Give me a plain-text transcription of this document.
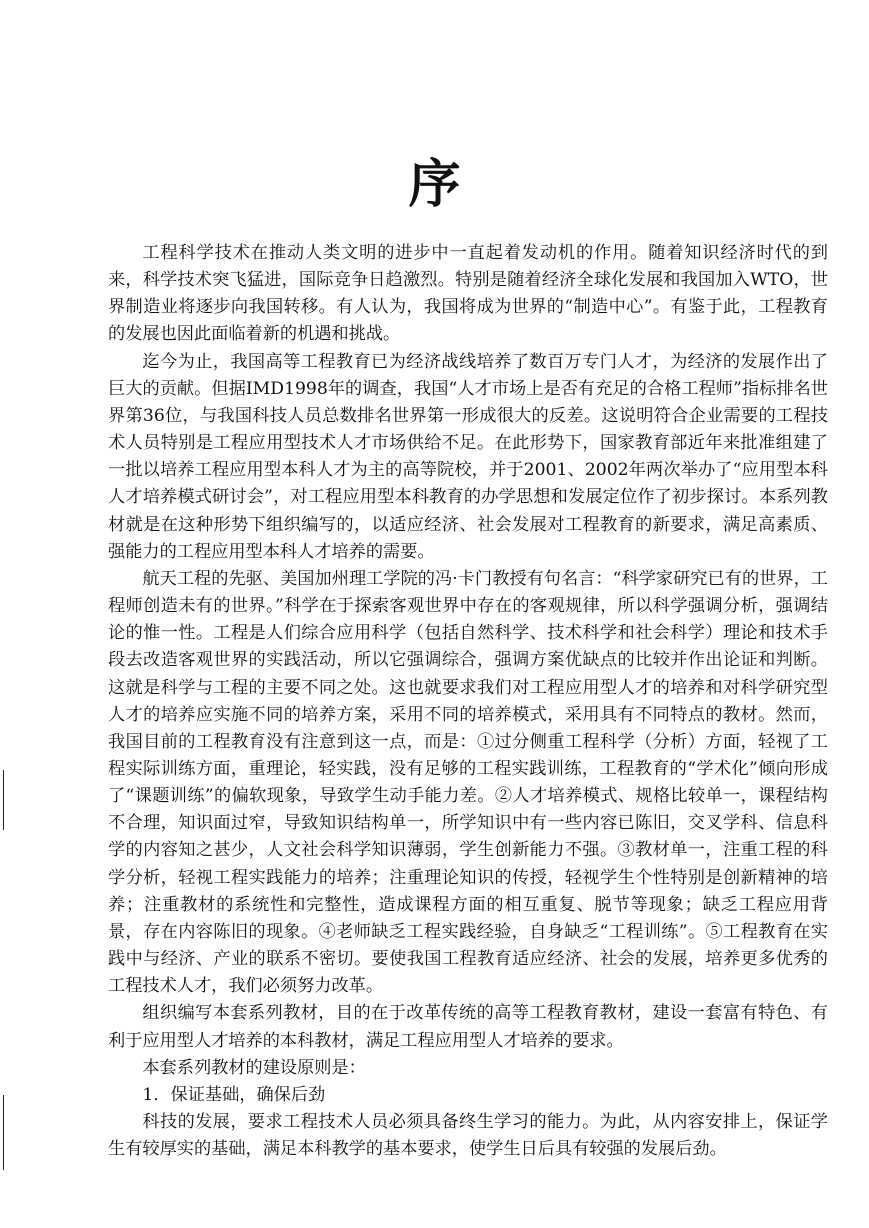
序

工程科学技术在推动人类文明的进步中一直起着发动机的作用。随着知识经济时代的到来，科学技术突飞猛进，国际竞争日趋激烈。特别是随着经济全球化发展和我国加入WTO，世界制造业将逐步向我国转移。有人认为，我国将成为世界的“制造中心”。有鉴于此，工程教育的发展也因此面临着新的机遇和挑战。

迄今为止，我国高等工程教育已为经济战线培养了数百万专门人才，为经济的发展作出了巨大的贡献。但据IMD1998年的调查，我国“人才市场上是否有充足的合格工程师”指标排名世界第36位，与我国科技人员总数排名世界第一形成很大的反差。这说明符合企业需要的工程技术人员特别是工程应用型技术人才市场供给不足。在此形势下，国家教育部近年来批准组建了一批以培养工程应用型本科人才为主的高等院校，并于2001、2002年两次举办了“应用型本科人才培养模式研讨会”，对工程应用型本科教育的办学思想和发展定位作了初步探讨。本系列教材就是在这种形势下组织编写的，以适应经济、社会发展对工程教育的新要求，满足高素质、强能力的工程应用型本科人才培养的需要。

航天工程的先驱、美国加州理工学院的冯·卡门教授有句名言：“科学家研究已有的世界，工程师创造未有的世界。”科学在于探索客观世界中存在的客观规律，所以科学强调分析，强调结论的惟一性。工程是人们综合应用科学（包括自然科学、技术科学和社会科学）理论和技术手段去改造客观世界的实践活动，所以它强调综合，强调方案优缺点的比较并作出论证和判断。这就是科学与工程的主要不同之处。这也就要求我们对工程应用型人才的培养和对科学研究型人才的培养应实施不同的培养方案，采用不同的培养模式，采用具有不同特点的教材。然而，我国目前的工程教育没有注意到这一点，而是：①过分侧重工程科学（分析）方面，轻视了工程实际训练方面，重理论，轻实践，没有足够的工程实践训练，工程教育的“学术化”倾向形成了“课题训练”的偏软现象，导致学生动手能力差。②人才培养模式、规格比较单一，课程结构不合理，知识面过窄，导致知识结构单一，所学知识中有一些内容已陈旧，交叉学科、信息科学的内容知之甚少，人文社会科学知识薄弱，学生创新能力不强。③教材单一，注重工程的科学分析，轻视工程实践能力的培养；注重理论知识的传授，轻视学生个性特别是创新精神的培养；注重教材的系统性和完整性，造成课程方面的相互重复、脱节等现象；缺乏工程应用背景，存在内容陈旧的现象。④老师缺乏工程实践经验，自身缺乏“工程训练”。⑤工程教育在实践中与经济、产业的联系不密切。要使我国工程教育适应经济、社会的发展，培养更多优秀的工程技术人才，我们必须努力改革。

组织编写本套系列教材，目的在于改革传统的高等工程教育教材，建设一套富有特色、有利于应用型人才培养的本科教材，满足工程应用型人才培养的要求。

本套系列教材的建设原则是：

1．保证基础，确保后劲

科技的发展，要求工程技术人员必须具备终生学习的能力。为此，从内容安排上，保证学生有较厚实的基础，满足本科教学的基本要求，使学生日后具有较强的发展后劲。
